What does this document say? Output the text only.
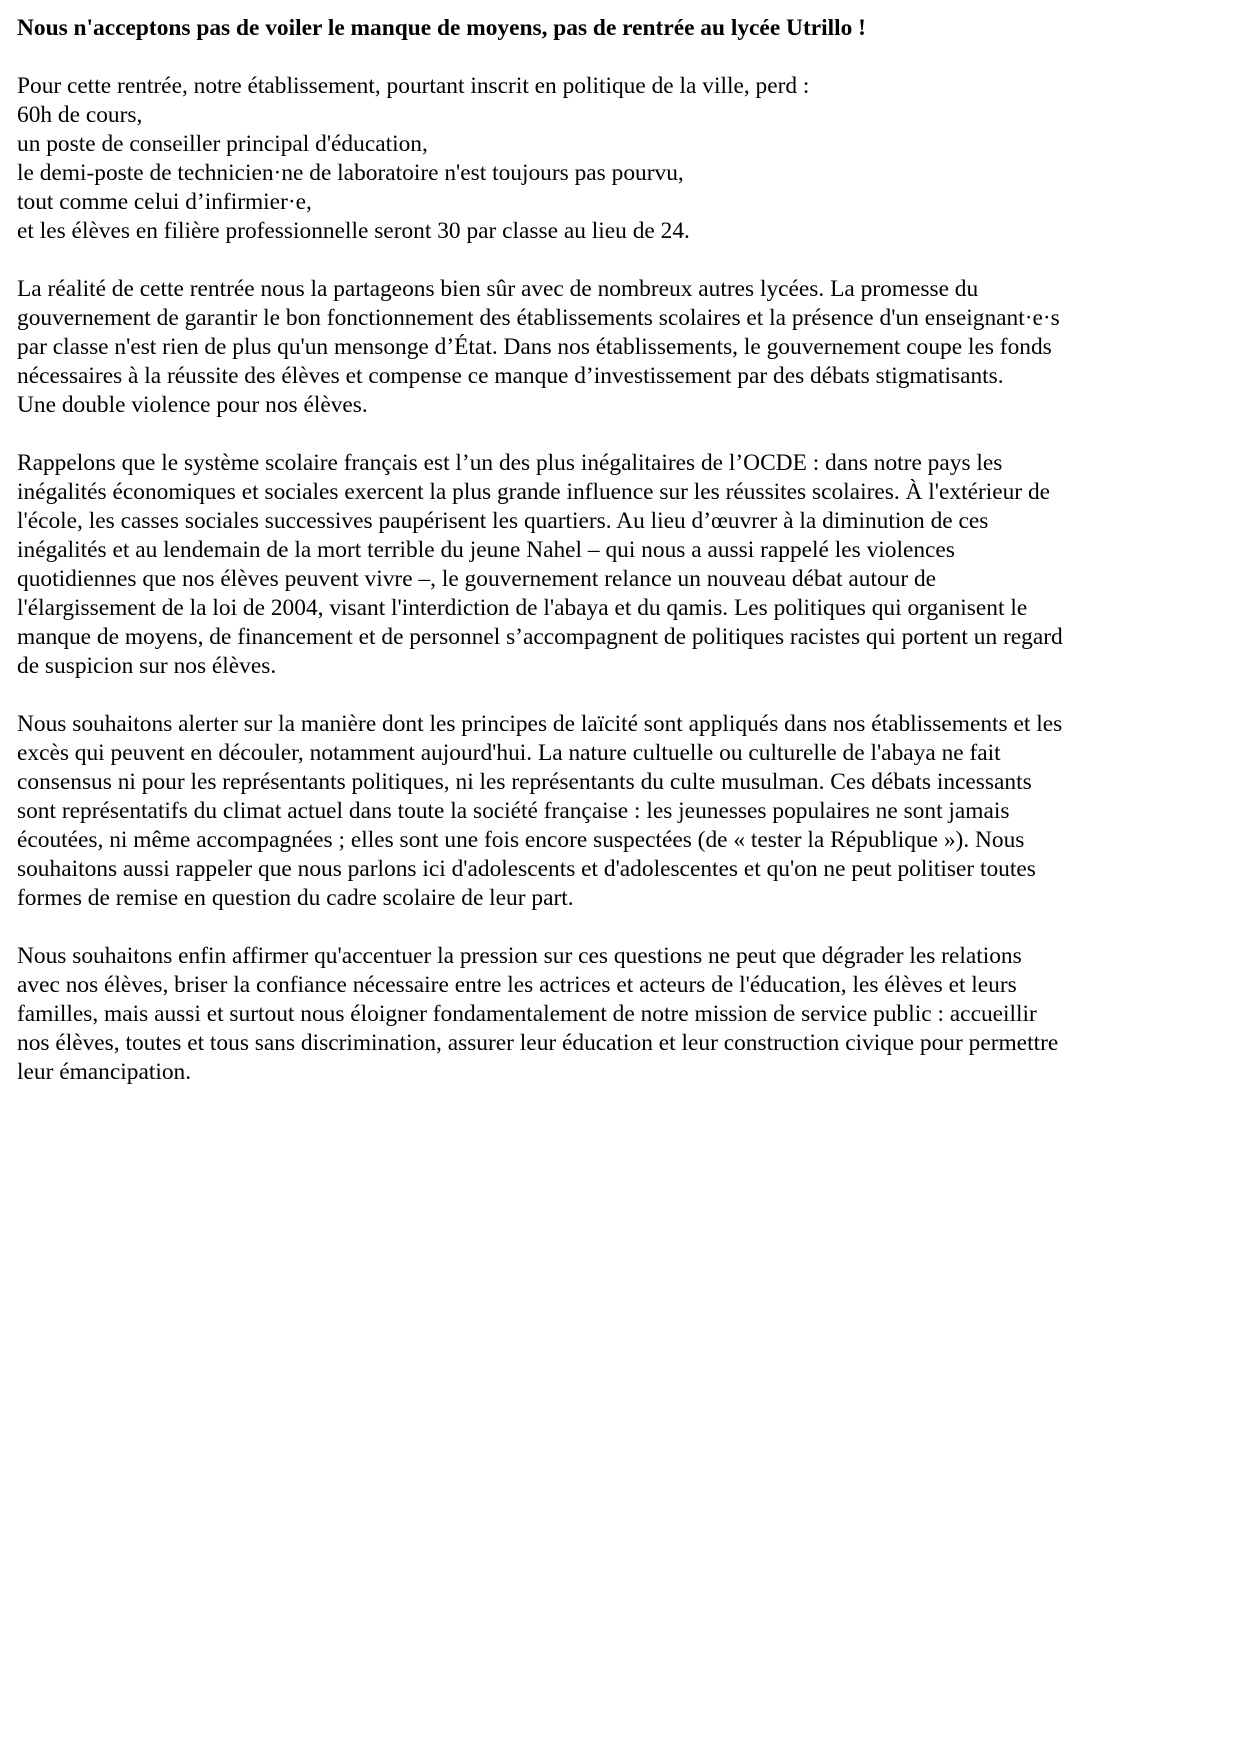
Nous n'acceptons pas de voiler le manque de moyens, pas de rentrée au lycée Utrillo !

Pour cette rentrée, notre établissement, pourtant inscrit en politique de la ville, perd :

60h de cours,
un poste de conseiller principal d'éducation,
le demi-poste de technicien·ne de laboratoire n'est toujours pas pourvu,
tout comme celui d’infirmier·e,
et les élèves en filière professionnelle seront 30 par classe au lieu de 24.

La réalité de cette rentrée nous la partageons bien sûr avec de nombreux autres lycées. La promesse du
gouvernement de garantir le bon fonctionnement des établissements scolaires et la présence d'un enseignant·e·s
par classe n'est rien de plus qu'un mensonge d’État. Dans nos établissements, le gouvernement coupe les fonds
nécessaires à la réussite des élèves et compense ce manque d’investissement par des débats stigmatisants.
Une double violence pour nos élèves.

Rappelons que le système scolaire français est l’un des plus inégalitaires de l’OCDE : dans notre pays les
inégalités économiques et sociales exercent la plus grande influence sur les réussites scolaires. À l'extérieur de
l'école, les casses sociales successives paupérisent les quartiers. Au lieu d’œuvrer à la diminution de ces
inégalités et au lendemain de la mort terrible du jeune Nahel – qui nous a aussi rappelé les violences
quotidiennes que nos élèves peuvent vivre –, le gouvernement relance un nouveau débat autour de
l'élargissement de la loi de 2004, visant l'interdiction de l'abaya et du qamis. Les politiques qui organisent le
manque de moyens, de financement et de personnel s’accompagnent de politiques racistes qui portent un regard
de suspicion sur nos élèves.

Nous souhaitons alerter sur la manière dont les principes de laïcité sont appliqués dans nos établissements et les
excès qui peuvent en découler, notamment aujourd'hui. La nature cultuelle ou culturelle de l'abaya ne fait
consensus ni pour les représentants politiques, ni les représentants du culte musulman. Ces débats incessants
sont représentatifs du climat actuel dans toute la société française : les jeunesses populaires ne sont jamais
écoutées, ni même accompagnées ; elles sont une fois encore suspectées (de « tester la République »). Nous
souhaitons aussi rappeler que nous parlons ici d'adolescents et d'adolescentes et qu'on ne peut politiser toutes
formes de remise en question du cadre scolaire de leur part.

Nous souhaitons enfin affirmer qu'accentuer la pression sur ces questions ne peut que dégrader les relations
avec nos élèves, briser la confiance nécessaire entre les actrices et acteurs de l'éducation, les élèves et leurs
familles, mais aussi et surtout nous éloigner fondamentalement de notre mission de service public : accueillir
nos élèves, toutes et tous sans discrimination, assurer leur éducation et leur construction civique pour permettre
leur émancipation.
